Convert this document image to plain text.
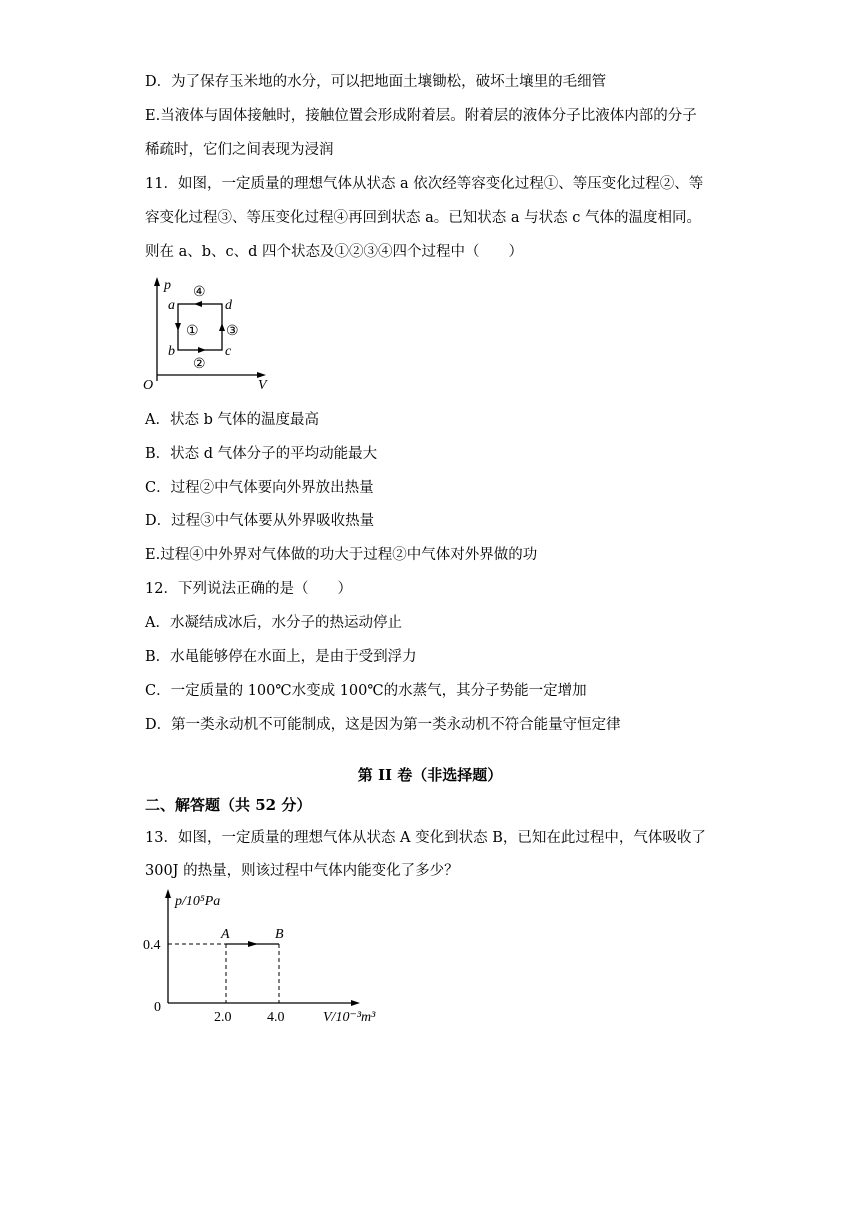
D．为了保存玉米地的水分，可以把地面土壤锄松，破坏土壤里的毛细管
E.当液体与固体接触时，接触位置会形成附着层。附着层的液体分子比液体内部的分子
稀疏时，它们之间表现为浸润
11．如图，一定质量的理想气体从状态 a 依次经等容变化过程①、等压变化过程②、等
容变化过程③、等压变化过程④再回到状态 a。已知状态 a 与状态 c 气体的温度相同。
则在 a、b、c、d 四个状态及①②③④四个过程中（　　）
p
V
O
a
b	c
d
④
① ③
②
A．状态 b 气体的温度最高
B．状态 d 气体分子的平均动能最大
C．过程②中气体要向外界放出热量
D．过程③中气体要从外界吸收热量
E.过程④中外界对气体做的功大于过程②中气体对外界做的功
12．下列说法正确的是（　　）
A．水凝结成冰后，水分子的热运动停止
B．水黾能够停在水面上，是由于受到浮力
C．一定质量的 100℃水变成 100℃的水蒸气，其分子势能一定增加
D．第一类永动机不可能制成，这是因为第一类永动机不符合能量守恒定律
第 II 卷（非选择题）
二、解答题（共 52 分）
13．如图，一定质量的理想气体从状态 A 变化到状态 B，已知在此过程中，气体吸收了
300J 的热量，则该过程中气体内能变化了多少？
p/10⁵Pa
V/10⁻³m³
0.4
0
2.0	4.0
A	B
